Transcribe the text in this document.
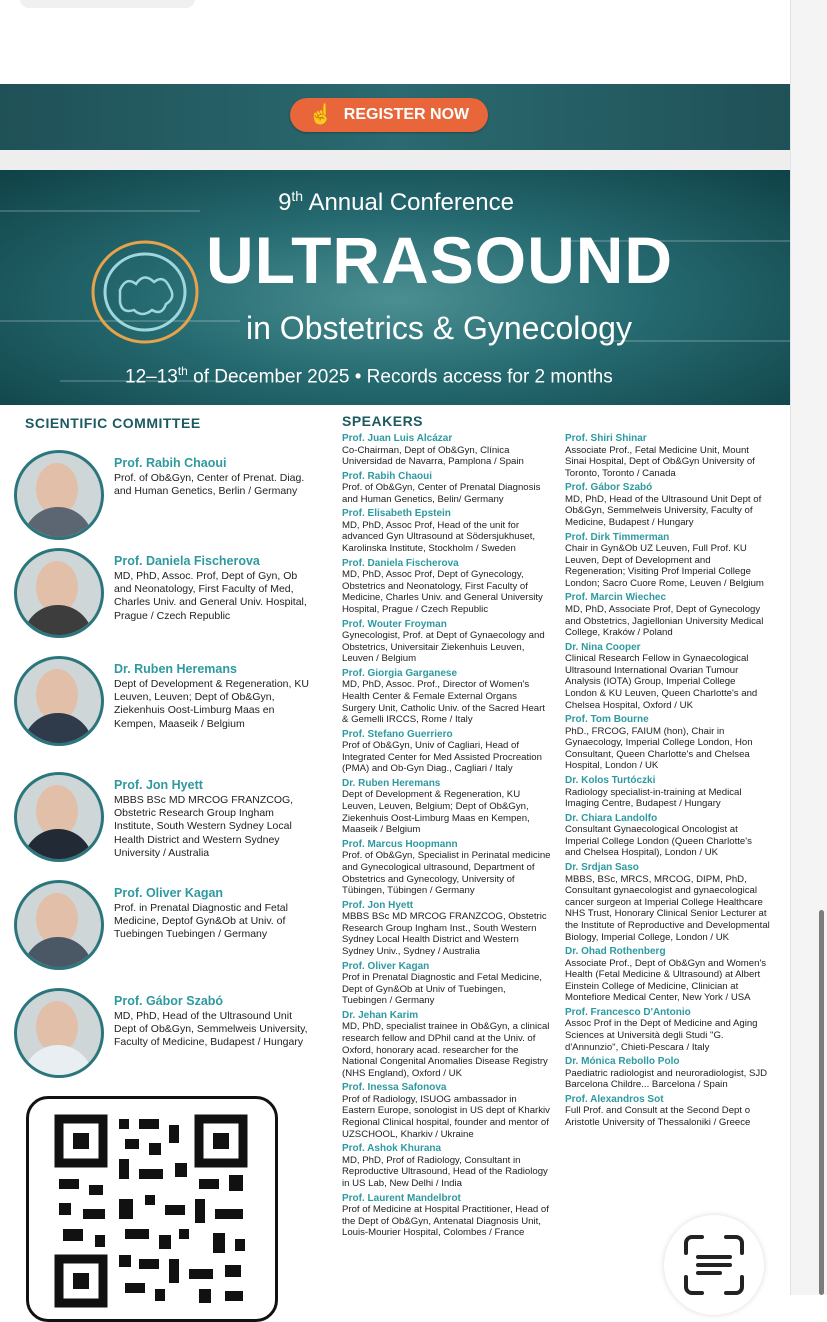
☝ REGISTER NOW
9th Annual Conference
ULTRASOUND
in Obstetrics & Gynecology
12–13th of December 2025 • Records access for 2 months
SCIENTIFIC COMMITTEE
Prof. Rabih Chaoui
Prof. of Ob&Gyn, Center of Prenat. Diag. and Human Genetics, Berlin / Germany
Prof. Daniela Fischerova
MD, PhD, Assoc. Prof, Dept of Gyn, Ob and Neonatology, First Faculty of Med, Charles Univ. and General Univ. Hospital, Prague / Czech Republic
Dr. Ruben Heremans
Dept of Development & Regeneration, KU Leuven, Leuven; Dept of Ob&Gyn, Ziekenhuis Oost-Limburg Maas en Kempen, Maaseik / Belgium
Prof. Jon Hyett
MBBS BSc MD MRCOG FRANZCOG, Obstetric Research Group Ingham Institute, South Western Sydney Local Health District and Western Sydney University / Australia
Prof. Oliver Kagan
Prof. in Prenatal Diagnostic and Fetal Medicine, Deptof Gyn&Ob at Univ. of Tuebingen Tuebingen / Germany
Prof. Gábor Szabó
MD, PhD, Head of the Ultrasound Unit Dept of Ob&Gyn, Semmelweis University, Faculty of Medicine, Budapest / Hungary
SPEAKERS
Prof. Juan Luis Alcázar
Co-Chairman, Dept of Ob&Gyn, Clínica Universidad de Navarra, Pamplona / Spain
Prof. Rabih Chaoui
Prof. of Ob&Gyn, Center of Prenatal Diagnosis and Human Genetics, Belin/ Germany
Prof. Elisabeth Epstein
MD, PhD, Assoc Prof, Head of the unit for advanced Gyn Ultrasound at Södersjukhuset, Karolinska Institute, Stockholm / Sweden
Prof. Daniela Fischerova
MD, PhD, Assoc Prof, Dept of Gynecology, Obstetrics and Neonatology, First Faculty of Medicine, Charles Univ. and General University Hospital, Prague / Czech Republic
Prof. Wouter Froyman
Gynecologist, Prof. at Dept of Gynaecology and Obstetrics, Universitair Ziekenhuis Leuven, Leuven / Belgium
Prof. Giorgia Garganese
MD, PhD, Assoc. Prof., Director of Women's Health Center & Female External Organs Surgery Unit, Catholic Univ. of the Sacred Heart & Gemelli IRCCS, Rome / Italy
Prof. Stefano Guerriero
Prof of Ob&Gyn, Univ of Cagliari, Head of Integrated Center for Med Assisted Procreation (PMA) and Ob-Gyn Diag., Cagliari / Italy
Dr. Ruben Heremans
Dept of Development & Regeneration, KU Leuven, Leuven, Belgium; Dept of Ob&Gyn, Ziekenhuis Oost-Limburg Maas en Kempen, Maaseik / Belgium
Prof. Marcus Hoopmann
Prof. of Ob&Gyn, Specialist in Perinatal medicine and Gynecological ultrasound, Department of Obstetrics and Gynecology, University of Tübingen, Tübingen / Germany
Prof. Jon Hyett
MBBS BSc MD MRCOG FRANZCOG, Obstetric Research Group Ingham Inst., South Western Sydney Local Health District and Western Sydney Univ., Sydney / Australia
Prof. Oliver Kagan
Prof in Prenatal Diagnostic and Fetal Medicine, Dept of Gyn&Ob at Univ of Tuebingen, Tuebingen / Germany
Dr. Jehan Karim
MD, PhD, specialist trainee in Ob&Gyn, a clinical research fellow and DPhil cand at the Univ. of Oxford, honorary acad. researcher for the National Congenital Anomalies Disease Registry (NHS England), Oxford / UK
Prof. Inessa Safonova
Prof of Radiology, ISUOG ambassador in Eastern Europe, sonologist in US dept of Kharkiv Regional Clinical hospital, founder and mentor of UZSCHOOL, Kharkiv / Ukraine
Prof. Ashok Khurana
MD, PhD, Prof of Radiology, Consultant in Reproductive Ultrasound, Head of the Radiology in US Lab, New Delhi / India
Prof. Laurent Mandelbrot
Prof of Medicine at Hospital Practitioner, Head of the Dept of Ob&Gyn, Antenatal Diagnosis Unit, Louis-Mourier Hospital, Colombes / France
Prof. Shiri Shinar
Associate Prof., Fetal Medicine Unit, Mount Sinai Hospital, Dept of Ob&Gyn University of Toronto, Toronto / Canada
Prof. Gábor Szabó
MD, PhD, Head of the Ultrasound Unit Dept of Ob&Gyn, Semmelweis University, Faculty of Medicine, Budapest / Hungary
Prof. Dirk Timmerman
Chair in Gyn&Ob UZ Leuven, Full Prof. KU Leuven, Dept of Development and Regeneration; Visiting Prof Imperial College London; Sacro Cuore Rome, Leuven / Belgium
Prof. Marcin Wiechec
MD, PhD, Associate Prof, Dept of Gynecology and Obstetrics, Jagiellonian University Medical College, Kraków / Poland
Dr. Nina Cooper
Clinical Research Fellow in Gynaecological Ultrasound International Ovarian Tumour Analysis (IOTA) Group, Imperial College London & KU Leuven, Queen Charlotte's and Chelsea Hospital, Oxford / UK
Prof. Tom Bourne
PhD., FRCOG, FAIUM (hon), Chair in Gynaecology, Imperial College London, Hon Consultant, Queen Charlotte's and Chelsea Hospital, London / UK
Dr. Kolos Turtóczki
Radiology specialist-in-training at Medical Imaging Centre, Budapest / Hungary
Dr. Chiara Landolfo
Consultant Gynaecological Oncologist at Imperial College London (Queen Charlotte's and Chelsea Hospital), London / UK
Dr. Srdjan Saso
MBBS, BSc, MRCS, MRCOG, DIPM, PhD, Consultant gynaecologist and gynaecological cancer surgeon at Imperial College Healthcare NHS Trust, Honorary Clinical Senior Lecturer at the Institute of Reproductive and Developmental Biology, Imperial College, London / UK
Dr. Ohad Rothenberg
Associate Prof., Dept of Ob&Gyn and Women's Health (Fetal Medicine & Ultrasound) at Albert Einstein College of Medicine, Clinician at Montefiore Medical Center, New York / USA
Prof. Francesco D'Antonio
Assoc Prof in the Dept of Medicine and Aging Sciences at Università degli Studi "G. d'Annunzio", Chieti-Pescara / Italy
Dr. Mónica Rebollo Polo
Paediatric radiologist and neuroradiologist, SJD Barcelona Childre... Barcelona / Spain
Prof. Alexandros Sot
Full Prof. and Consult at the Second Dept o Aristotle University of Thessaloniki / Greece
